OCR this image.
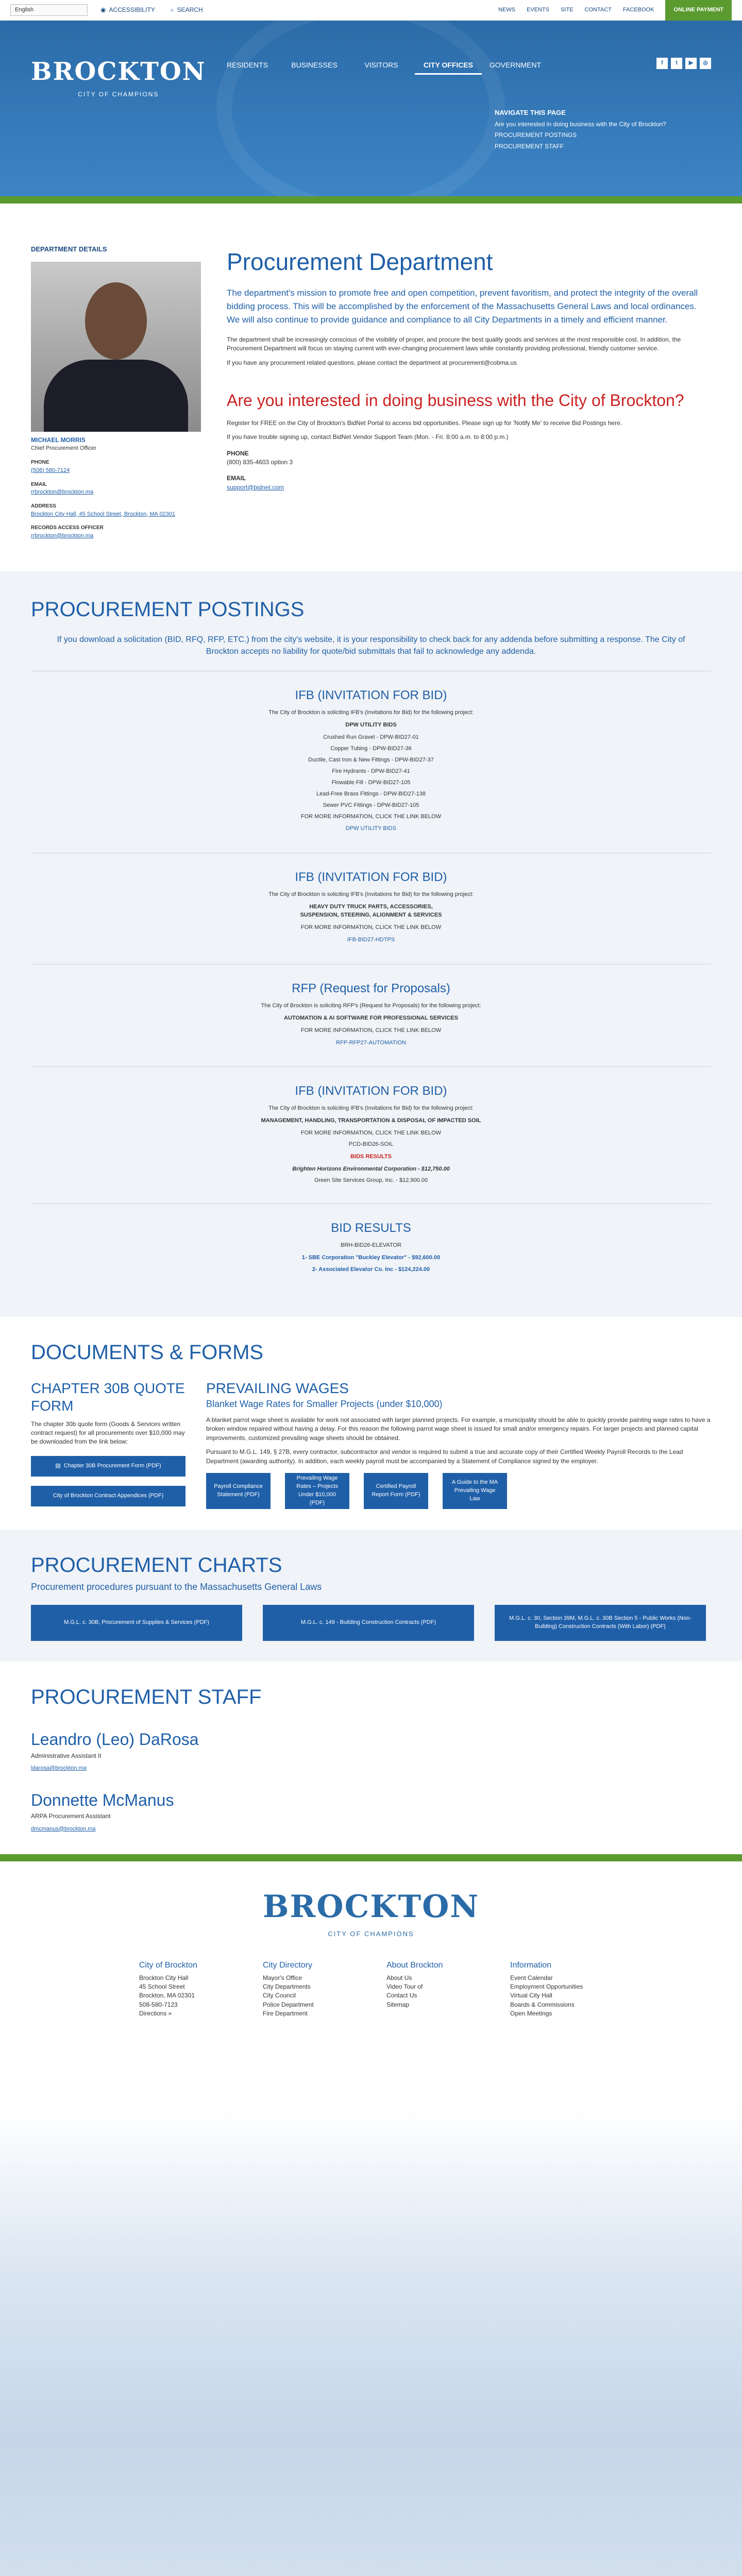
English	◉ ACCESSIBILITY	⌕ SEARCH	NEWS EVENTS SITE CONTACT FACEBOOK	ONLINE PAYMENT
BROCKTON
CITY OF CHAMPIONS
RESIDENTS	BUSINESSES	VISITORS	CITY OFFICES	GOVERNMENT	f	t	▶	◎
NAVIGATE THIS PAGE
Are you interested in doing business with the City of Brockton?
PROCUREMENT POSTINGS
PROCUREMENT STAFF
DEPARTMENT DETAILS
MICHAEL MORRIS
Chief Procurement Officer
PHONE
(508) 580-7124
EMAIL
rrbrockton@brockton.ma
ADDRESS
Brockton City Hall, 45 School Street, Brockton, MA 02301
RECORDS ACCESS OFFICER
rrbrockton@brockton.ma
Procurement Department
The department's mission to promote free and open competition, prevent favoritism, and protect the integrity of the overall bidding process. This will be accomplished by the enforcement of the Massachusetts General Laws and local ordinances. We will also continue to provide guidance and compliance to all City Departments in a timely and efficient manner.

The department shall be increasingly conscious of the visibility of proper, and procure the best quality goods and services at the most responsible cost. In addition, the Procurement Department will focus on staying current with ever-changing procurement laws while constantly providing professional, friendly customer service.

If you have any procurement related questions, please contact the department at procurement@cobma.us

Are you interested in doing business with the City of Brockton?

Register for FREE on the City of Brockton's BidNet Portal to access bid opportunities. Please sign up for 'Notify Me' to receive Bid Postings here.

If you have trouble signing up, contact BidNet Vendor Support Team (Mon. - Fri. 8:00 a.m. to 8:00 p.m.)

PHONE
(800) 835-4603 option 3
EMAIL
support@bidnet.com
PROCUREMENT POSTINGS
If you download a solicitation (BID, RFQ, RFP, ETC.) from the city's website, it is your responsibility to check back for any addenda before submitting a response. The City of Brockton accepts no liability for quote/bid submittals that fail to acknowledge any addenda.
IFB (INVITATION FOR BID)
The City of Brockton is soliciting IFB's (Invitations for Bid) for the following project:
DPW UTILITY BIDS
Crushed Run Gravel - DPW-BID27-01
Copper Tubing - DPW-BID27-36
Ductile, Cast Iron & New Fittings - DPW-BID27-37
Fire Hydrants - DPW-BID27-41
Flowable Fill - DPW-BID27-105
Lead-Free Brass Fittings - DPW-BID27-138
Sewer PVC Fittings - DPW-BID27-105
FOR MORE INFORMATION, CLICK THE LINK BELOW
DPW UTILITY BIDS
IFB (INVITATION FOR BID)
The City of Brockton is soliciting IFB's (Invitations for Bid) for the following project:
HEAVY DUTY TRUCK PARTS, ACCESSORIES, SUSPENSION, STEERING, ALIGNMENT & SERVICES
FOR MORE INFORMATION, CLICK THE LINK BELOW
IFB-BID27-HDTPS
RFP (Request for Proposals)
The City of Brockton is soliciting RFP's (Request for Proposals) for the following project:
AUTOMATION & AI SOFTWARE FOR PROFESSIONAL SERVICES
FOR MORE INFORMATION, CLICK THE LINK BELOW
RFP-RFP27-AUTOMATION
IFB (INVITATION FOR BID)
The City of Brockton is soliciting IFB's (Invitations for Bid) for the following project:
MANAGEMENT, HANDLING, TRANSPORTATION & DISPOSAL OF IMPACTED SOIL
FOR MORE INFORMATION, CLICK THE LINK BELOW
PCD-BID26-SOIL
BIDS RESULTS
Brighten Horizons Environmental Corporation - $12,750.00
Green Site Services Group, Inc. - $12,900.00
BID RESULTS
BRH-BID26-ELEVATOR
1- SBE Corporation "Buckley Elevator" - $92,600.00
2- Associated Elevator Co. Inc - $124,224.00
DOCUMENTS & FORMS
CHAPTER 30B QUOTE FORM

The chapter 30b quote form (Goods & Services written contract request) for all procurements over $10,000 may be downloaded from the link below:

▤ Chapter 30B Procurement Form (PDF)
City of Brockton Contract Appendices (PDF)
PREVAILING WAGES
Blanket Wage Rates for Smaller Projects (under $10,000)

A blanket parrot wage sheet is available for work not associated with larger planned projects. For example, a municipality should be able to quickly provide painting wage rates to have a broken window repaired without having a delay. For this reason the following parrot wage sheet is issued for small and/or emergency repairs. For larger projects and planned capital improvements, customized prevailing wage sheets should be obtained.

Pursuant to M.G.L. 149, § 27B, every contractor, subcontractor and vendor is required to submit a true and accurate copy of their Certified Weekly Payroll Records to the Lead Department (awarding authority). In addition, each weekly payroll must be accompanied by a Statement of Compliance signed by the employer.

Payroll Compliance Statement (PDF)
Prevailing Wage Rates – Projects Under $10,000 (PDF)
Certified Payroll Report Form (PDF)
A Guide to the MA Prevailing Wage Law
PROCUREMENT CHARTS
Procurement procedures pursuant to the Massachusetts General Laws
M.G.L. c. 30B, Procurement of Supplies & Services (PDF)	M.G.L. c. 149 - Building Construction Contracts (PDF)
M.G.L. c. 30, Section 39M, M.G.L. c. 30B Section 5 - Public Works (Non-Building) Construction Contracts (With Labor) (PDF)
PROCUREMENT STAFF
Leandro (Leo) DaRosa
Administrative Assistant II
ldarosa@brockton.ma
Donnette McManus
ARPA Procurement Assistant
dmcmanus@brockton.ma
BROCKTON
CITY OF CHAMPIONS
City of Brockton
Brockton City Hall
45 School Street
Brockton, MA 02301
508-580-7123
Directions »
City Directory
Mayor's Office
City Departments
City Council
Police Department
Fire Department
About Brockton
About Us
Video Tour of
Contact Us
Sitemap
Information
Event Calendar
Employment Opportunities
Virtual City Hall
Boards & Commissions
Open Meetings
